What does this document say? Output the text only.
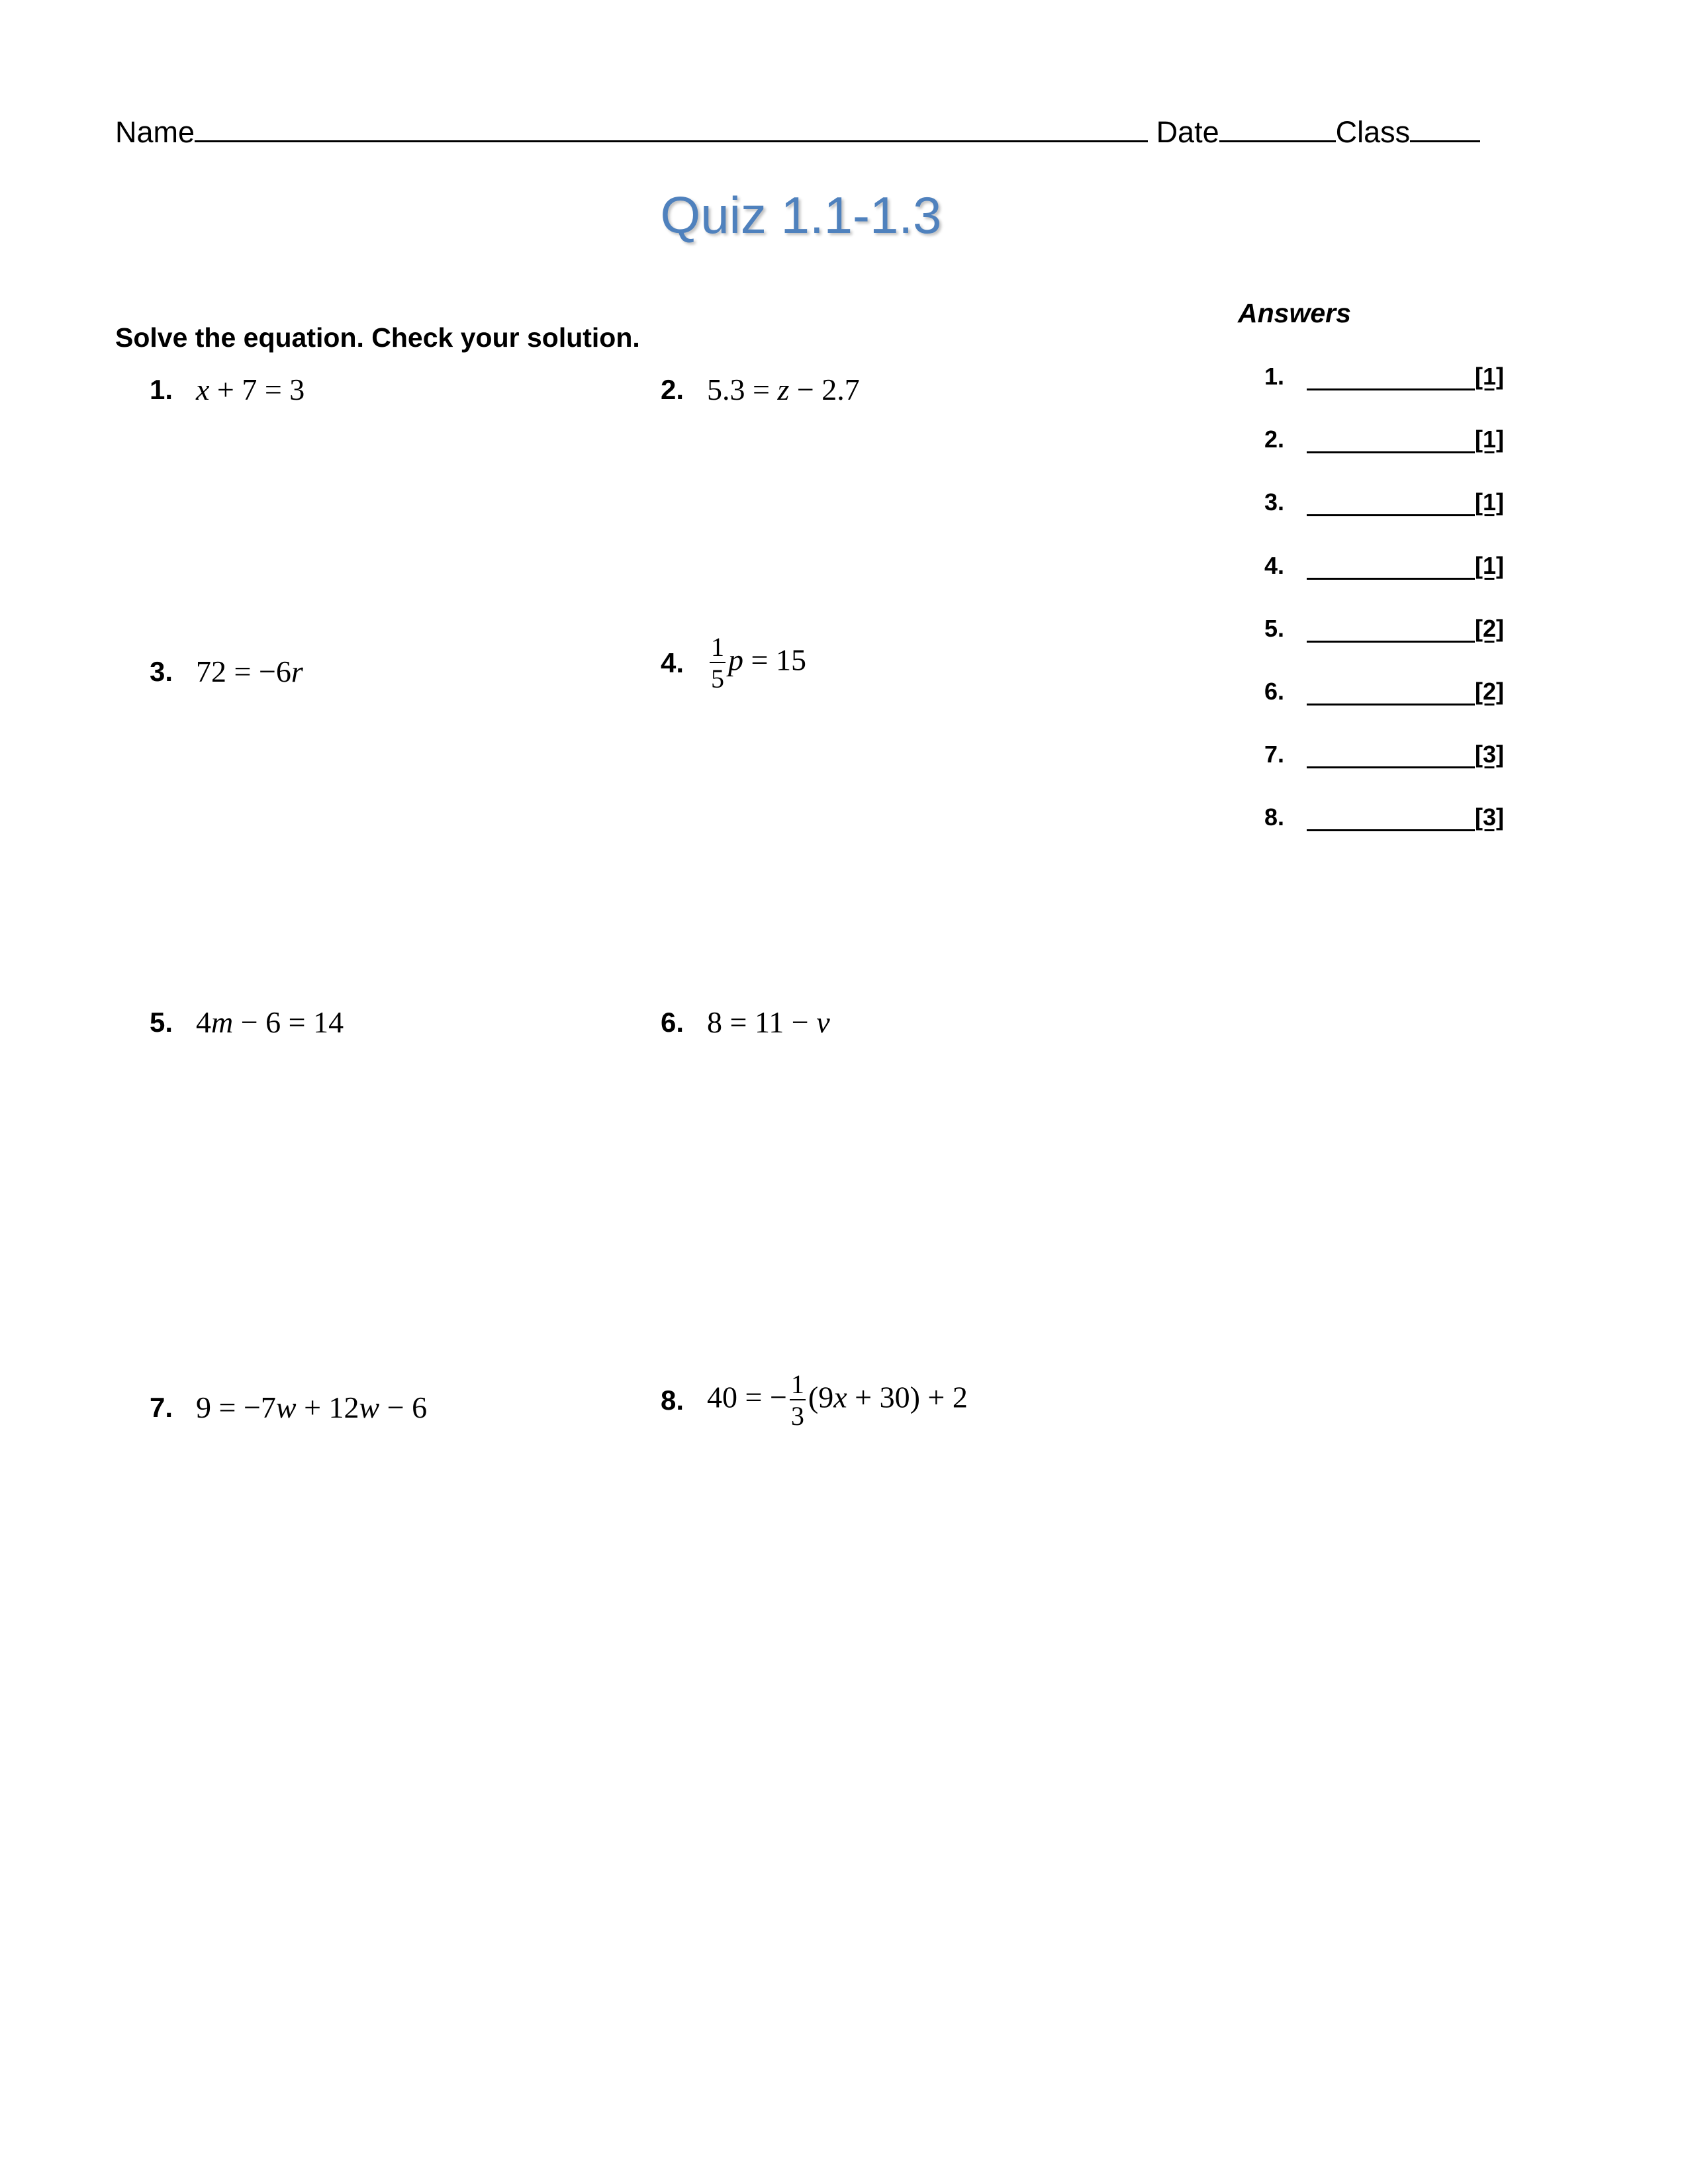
Name	Date	Class
Quiz 1.1-1.3
Solve the equation. Check your solution.
Answers
1.	[1]
2.	[1]
3.	[1]
4.	[1]
5.	[2]
6.	[2]
7.	[3]
8.	[3]
1. x + 7 = 3	2. 5.3 = z − 2.7
3. 72 = −6r	4. $\frac{1}{5}$ p = 15
5. 4m − 6 = 14	6. 8 = 11 − v
7. 9 = −7w + 12w − 6	8. 40 = − $\frac{1}{3} (9x + 30) + 2$
